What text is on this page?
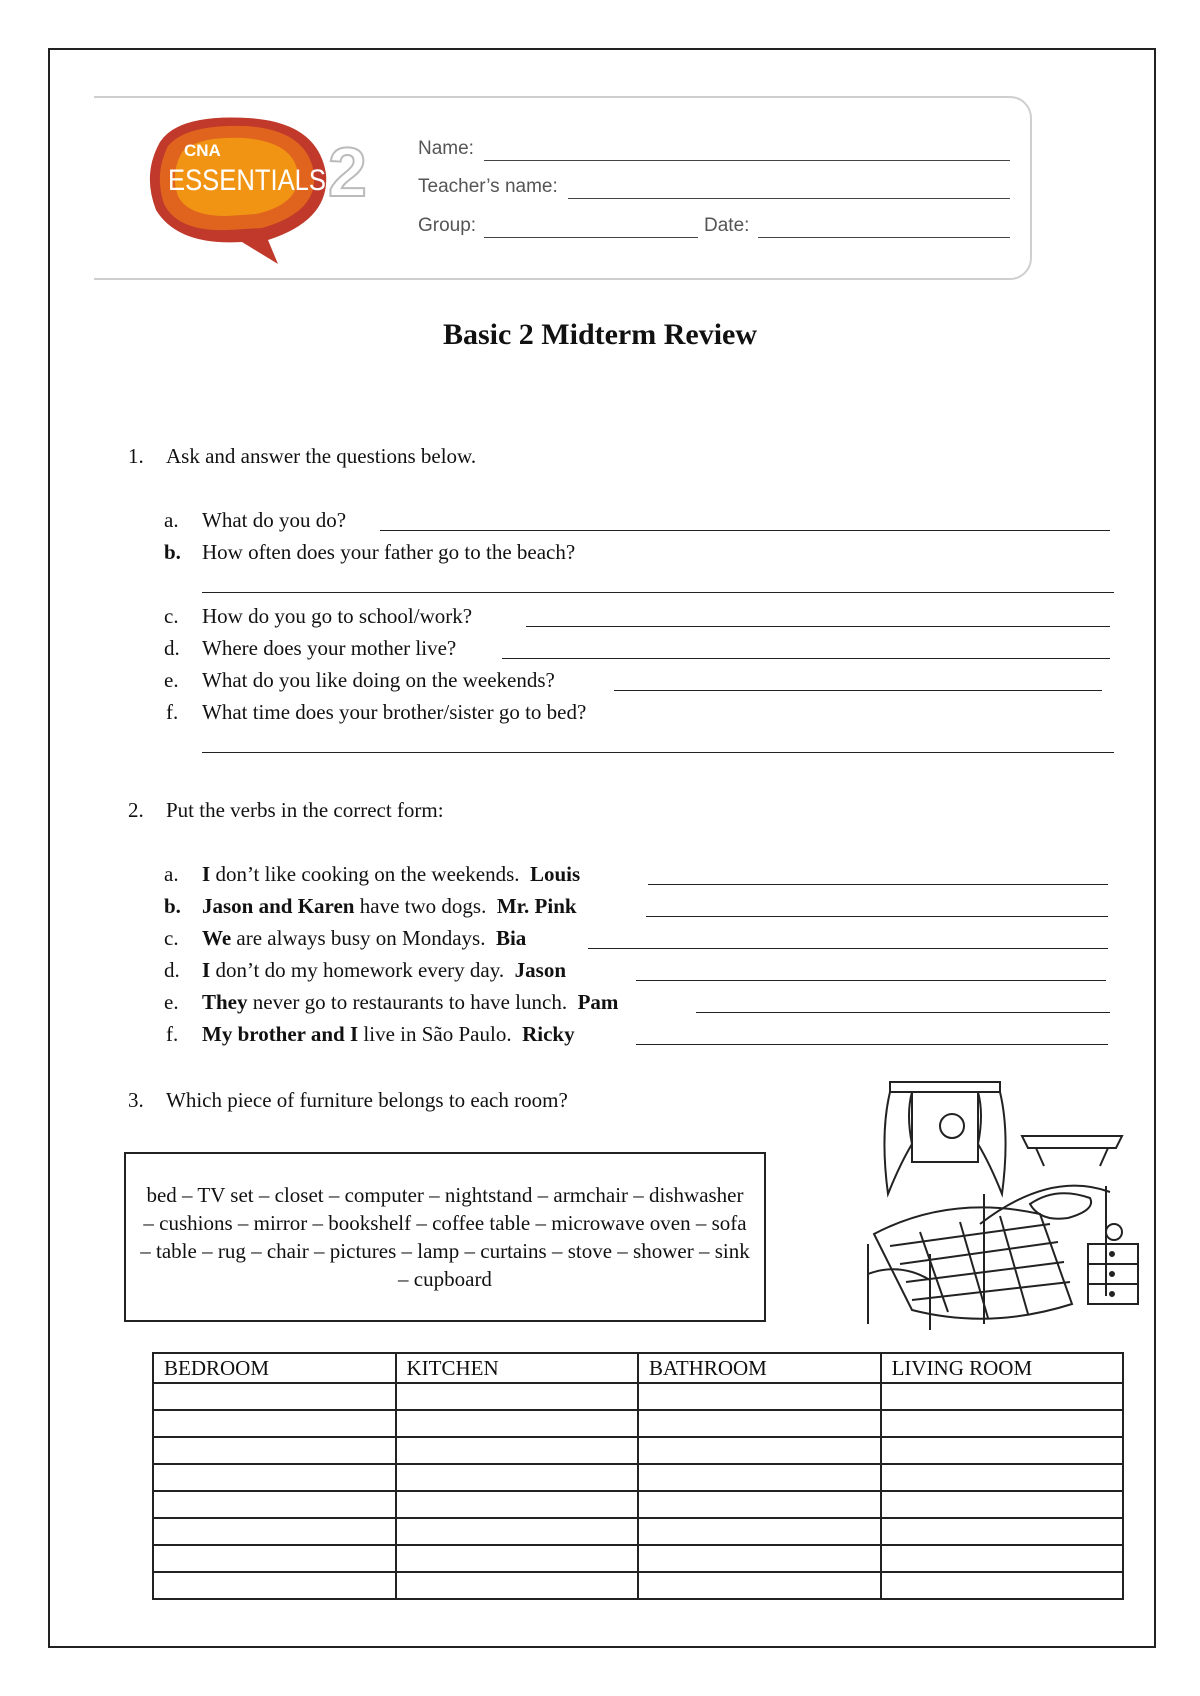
CNA
ESSENTIALS 2	Name:
Teacher’s name:
Group:	Date:
Basic 2 Midterm Review
1. Ask and answer the questions below.
a. What do you do?
b. How often does your father go to the beach?
c. How do you go to school/work?
d. Where does your mother live?
e. What do you like doing on the weekends?
f. What time does your brother/sister go to bed?
2. Put the verbs in the correct form:
a. I don’t like cooking on the weekends. Louis
b. Jason and Karen have two dogs. Mr. Pink
c. We are always busy on Mondays. Bia
d. I don’t do my homework every day. Jason
e. They never go to restaurants to have lunch. Pam
f. My brother and I live in São Paulo. Ricky
3. Which piece of furniture belongs to each room?
bed – TV set – closet – computer – nightstand – armchair – dishwasher – cushions – mirror – bookshelf – coffee table – microwave oven – sofa – table – rug – chair – pictures – lamp – curtains – stove – shower – sink – cupboard
BEDROOM	KITCHEN	BATHROOM	LIVING ROOM
